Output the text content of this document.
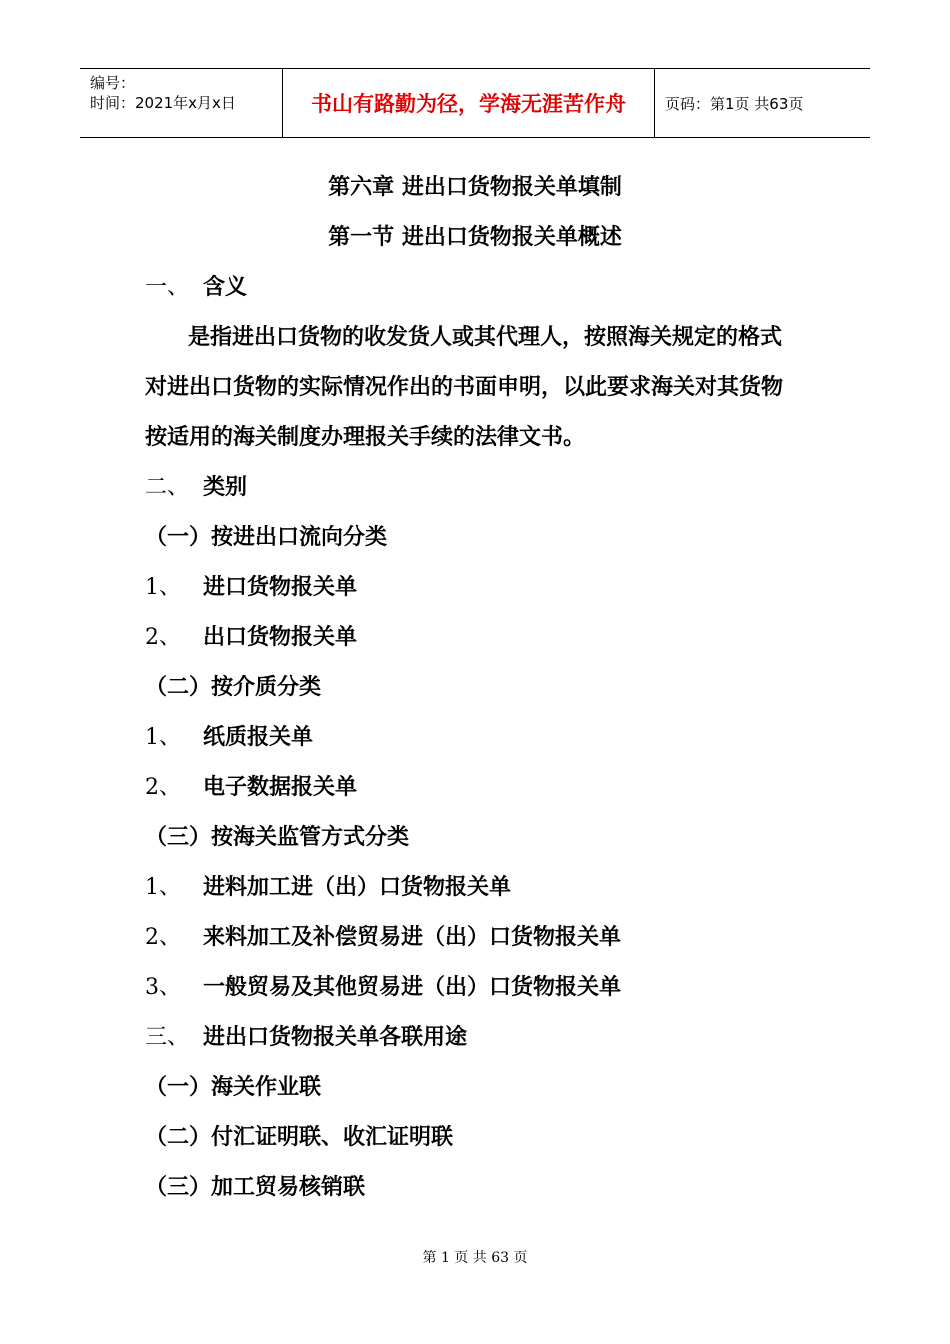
编号：
时间：2021年x月x日	书山有路勤为径，学海无涯苦作舟	页码：第1页 共63页
第六章 进出口货物报关单填制
第一节 进出口货物报关单概述
一、 含义
是指进出口货物的收发货人或其代理人，按照海关规定的格式
对进出口货物的实际情况作出的书面申明，以此要求海关对其货物
按适用的海关制度办理报关手续的法律文书。
二、 类别
（一）按进出口流向分类
1、 进口货物报关单
2、 出口货物报关单
（二）按介质分类
1、 纸质报关单
2、 电子数据报关单
（三）按海关监管方式分类
1、 进料加工进（出）口货物报关单
2、 来料加工及补偿贸易进（出）口货物报关单
3、 一般贸易及其他贸易进（出）口货物报关单
三、 进出口货物报关单各联用途
（一）海关作业联
（二）付汇证明联、收汇证明联
（三）加工贸易核销联
第 1 页 共 63 页
